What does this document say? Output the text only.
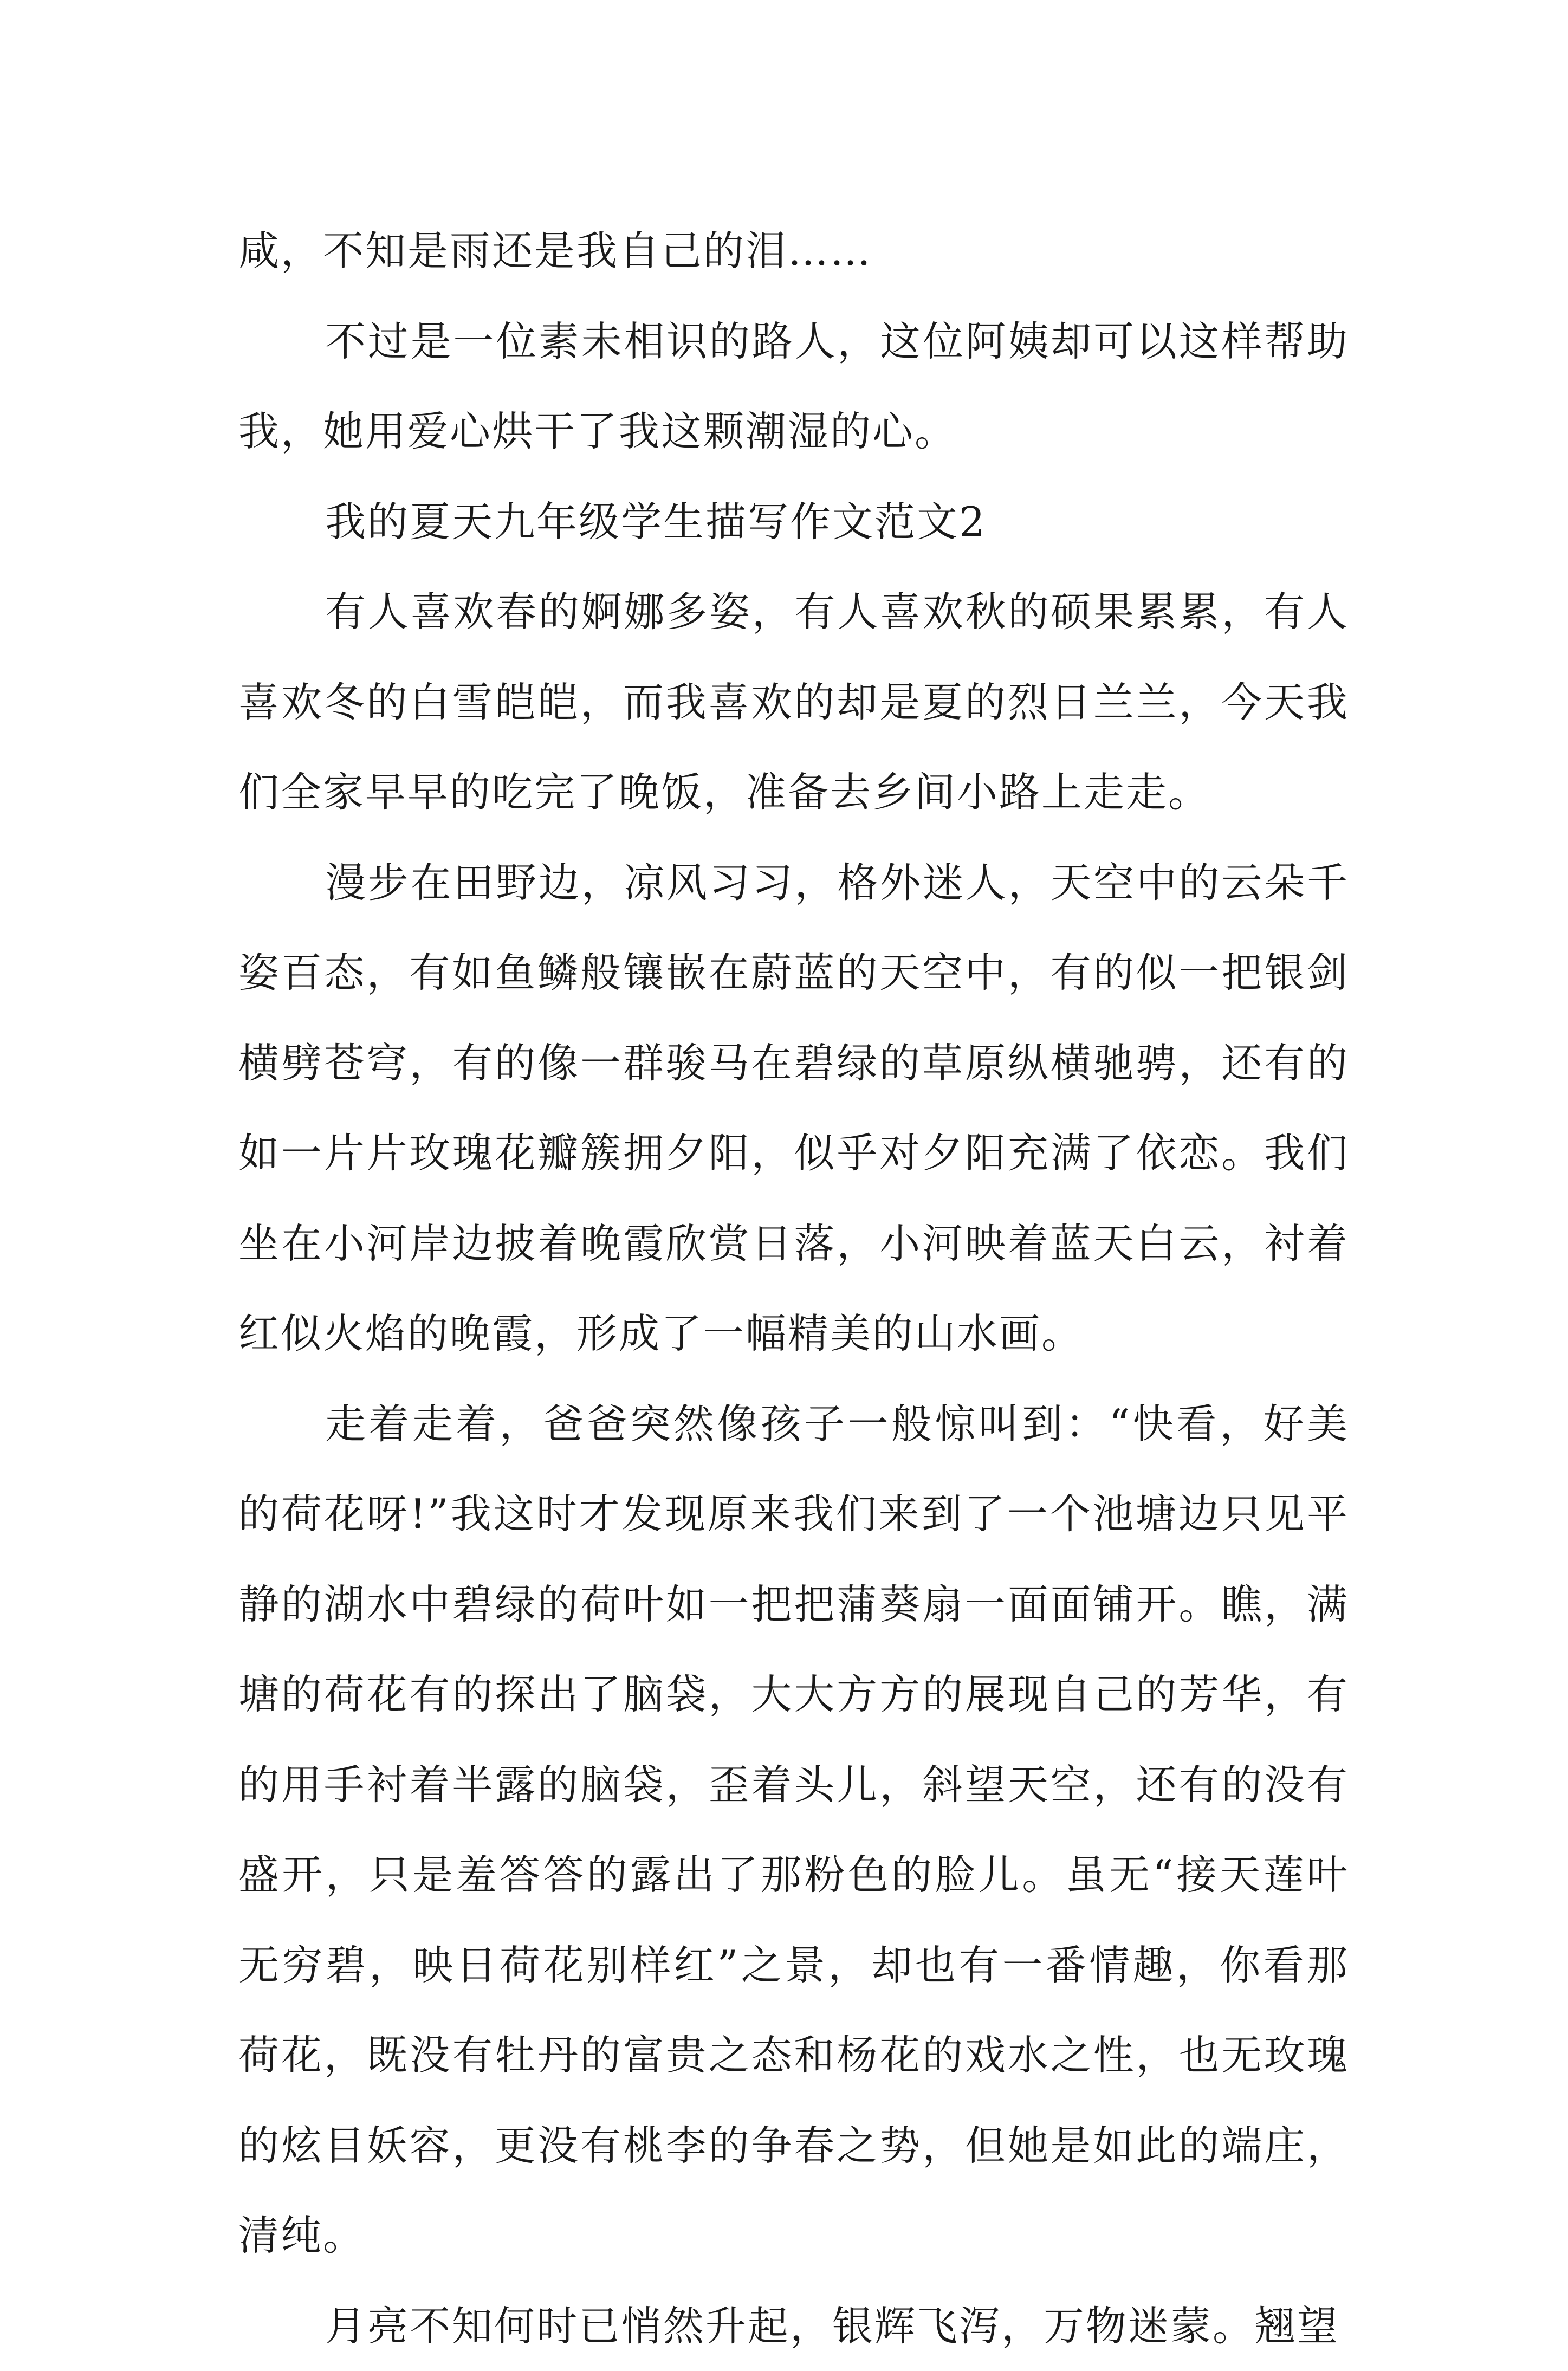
咸，不知是雨还是我自己的泪……

不过是一位素未相识的路人，这位阿姨却可以这样帮助我，她用爱心烘干了我这颗潮湿的心。

我的夏天九年级学生描写作文范文2

有人喜欢春的婀娜多姿，有人喜欢秋的硕果累累，有人喜欢冬的白雪皑皑，而我喜欢的却是夏的烈日兰兰，今天我们全家早早的吃完了晚饭，准备去乡间小路上走走。

漫步在田野边，凉风习习，格外迷人，天空中的云朵千姿百态，有如鱼鳞般镶嵌在蔚蓝的天空中，有的似一把银剑横劈苍穹，有的像一群骏马在碧绿的草原纵横驰骋，还有的如一片片玫瑰花瓣簇拥夕阳，似乎对夕阳充满了依恋。我们坐在小河岸边披着晚霞欣赏日落，小河映着蓝天白云，衬着红似火焰的晚霞，形成了一幅精美的山水画。

走着走着，爸爸突然像孩子一般惊叫到：“快看，好美的荷花呀!”我这时才发现原来我们来到了一个池塘边只见平静的湖水中碧绿的荷叶如一把把蒲葵扇一面面铺开。瞧，满塘的荷花有的探出了脑袋，大大方方的展现自己的芳华，有的用手衬着半露的脑袋，歪着头儿，斜望天空，还有的没有盛开，只是羞答答的露出了那粉色的脸儿。虽无“接天莲叶无穷碧，映日荷花别样红”之景，却也有一番情趣，你看那荷花，既没有牡丹的富贵之态和杨花的戏水之性，也无玫瑰的炫目妖容，更没有桃李的争春之势，但她是如此的端庄，清纯。

月亮不知何时已悄然升起，银辉飞泻，万物迷蒙。翘望
